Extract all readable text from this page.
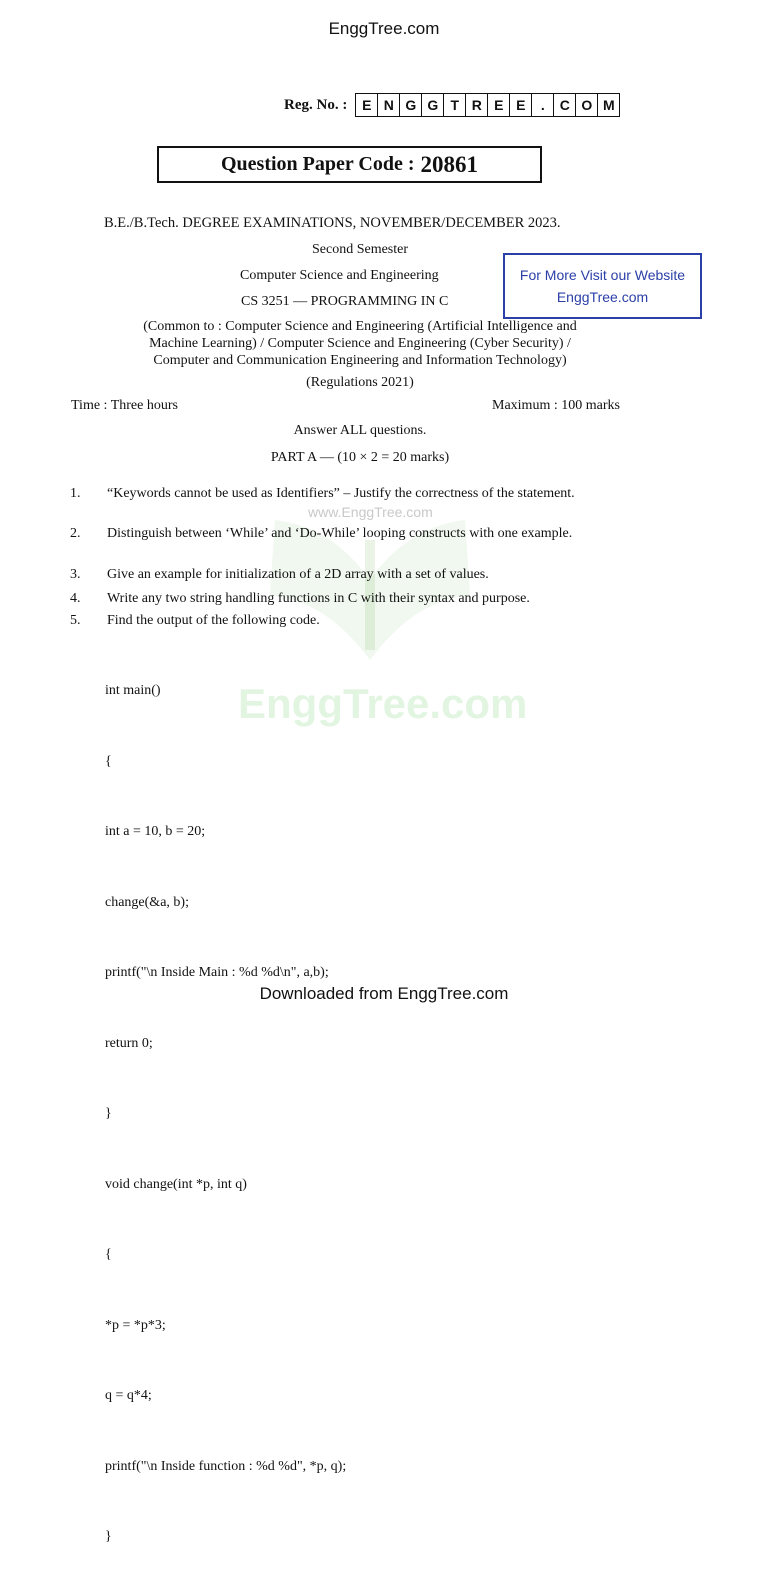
EnggTree.com
www.EnggTree.com
EnggTree.com
Reg. No. :	E N G G T R E E	.	C O M
Question Paper Code : 20861
B.E./B.Tech. DEGREE EXAMINATIONS, NOVEMBER/DECEMBER 2023.
Second Semester
Computer Science and Engineering
CS 3251 — PROGRAMMING IN C
For More Visit our Website
EnggTree.com
(Common to : Computer Science and Engineering (Artificial Intelligence and
Machine Learning) / Computer Science and Engineering (Cyber Security) /
Computer and Communication Engineering and Information Technology)
(Regulations 2021)
Time : Three hours	Maximum : 100 marks
Answer ALL questions.
PART A — (10 × 2 = 20 marks)
1.	“Keywords cannot be used as Identifiers” – Justify the correctness of the statement.
2.	Distinguish between ‘While’ and ‘Do-While’ looping constructs with one example.
3.	Give an example for initialization of a 2D array with a set of values.
4.	Write any two string handling functions in C with their syntax and purpose.
5.	Find the output of the following code.

int main()

{

int a = 10, b = 20;

change(&a, b);

printf("\n Inside Main : %d %d\n", a,b);

return 0;

}

void change(int *p, int q)

{

*p = *p*3;

q = q*4;

printf("\n Inside function : %d %d", *p, q);

}

Downloaded from EnggTree.com
